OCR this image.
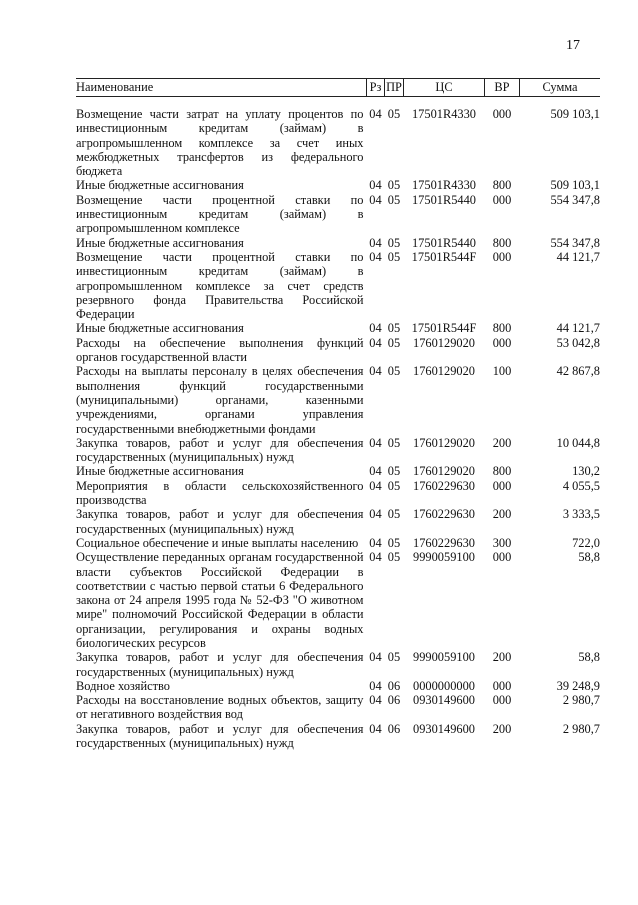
17
Наименование	Рз	ПР	ЦС	ВР	Сумма
Возмещение части затрат на уплату процентов по инвестиционным кредитам (займам) в агропромышленном комплексе за счет иных межбюджетных трансфертов из федерального бюджета	04	05	17501R4330	000	509 103,1
Иные бюджетные ассигнования	04	05	17501R4330	800	509 103,1
Возмещение части процентной ставки по инвестиционным кредитам (займам) в агропромышленном комплексе	04	05	17501R5440	000	554 347,8
Иные бюджетные ассигнования	04	05	17501R5440	800	554 347,8
Возмещение части процентной ставки по инвестиционным кредитам (займам) в агропромышленном комплексе за счет средств резервного фонда Правительства Российской Федерации	04	05	17501R544F	000	44 121,7
Иные бюджетные ассигнования	04	05	17501R544F	800	44 121,7
Расходы на обеспечение выполнения функций органов государственной власти	04	05	1760129020	000	53 042,8
Расходы на выплаты персоналу в целях обеспечения выполнения функций государственными (муниципальными) органами, казенными учреждениями, органами управления государственными внебюджетными фондами	04	05	1760129020	100	42 867,8
Закупка товаров, работ и услуг для обеспечения государственных (муниципальных) нужд	04	05	1760129020	200	10 044,8
Иные бюджетные ассигнования	04	05	1760129020	800	130,2
Мероприятия в области сельскохозяйственного производства	04	05	1760229630	000	4 055,5
Закупка товаров, работ и услуг для обеспечения государственных (муниципальных) нужд	04	05	1760229630	200	3 333,5
Социальное обеспечение и иные выплаты населению	04	05	1760229630	300	722,0
Осуществление переданных органам государственной власти субъектов Российской Федерации в соответствии с частью первой статьи 6 Федерального закона от 24 апреля 1995 года № 52-ФЗ "О животном мире" полномочий Российской Федерации в области организации, регулирования и охраны водных биологических ресурсов	04	05	9990059100	000	58,8
Закупка товаров, работ и услуг для обеспечения государственных (муниципальных) нужд	04	05	9990059100	200	58,8
Водное хозяйство	04	06	0000000000	000	39 248,9
Расходы на восстановление водных объектов, защиту от негативного воздействия вод	04	06	0930149600	000	2 980,7
Закупка товаров, работ и услуг для обеспечения государственных (муниципальных) нужд	04	06	0930149600	200	2 980,7
